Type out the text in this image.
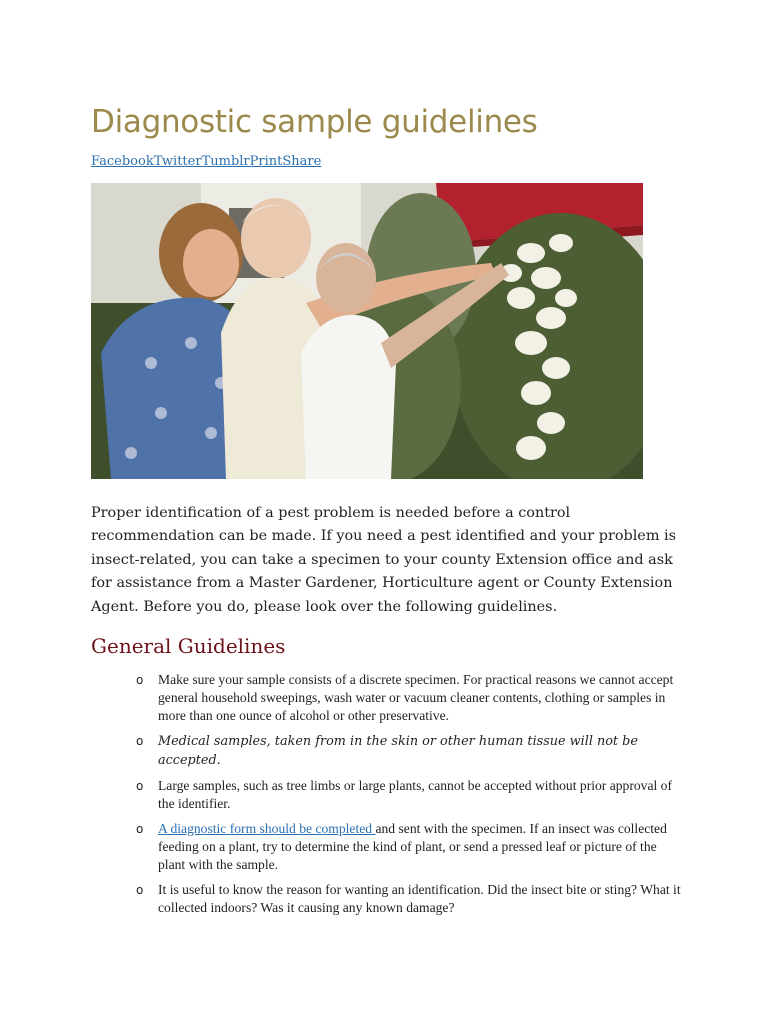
Diagnostic sample guidelines
FacebookTwitterTumblrPrintShare

Proper identification of a pest problem is needed before a control recommendation can be made. If you need a pest identified and your problem is insect-related, you can take a specimen to your county Extension office and ask for assistance from a Master Gardener, Horticulture agent or County Extension Agent. Before you do, please look over the following guidelines.

General Guidelines
o Make sure your sample consists of a discrete specimen. For practical reasons we cannot accept general household sweepings, wash water or vacuum cleaner contents, clothing or samples in more than one ounce of alcohol or other preservative.
o Medical samples, taken from in the skin or other human tissue will not be accepted.
o Large samples, such as tree limbs or large plants, cannot be accepted without prior approval of the identifier.
o A diagnostic form should be completed and sent with the specimen. If an insect was collected feeding on a plant, try to determine the kind of plant, or send a pressed leaf or picture of the plant with the sample.
o It is useful to know the reason for wanting an identification. Did the insect bite or sting? What it collected indoors? Was it causing any known damage?
